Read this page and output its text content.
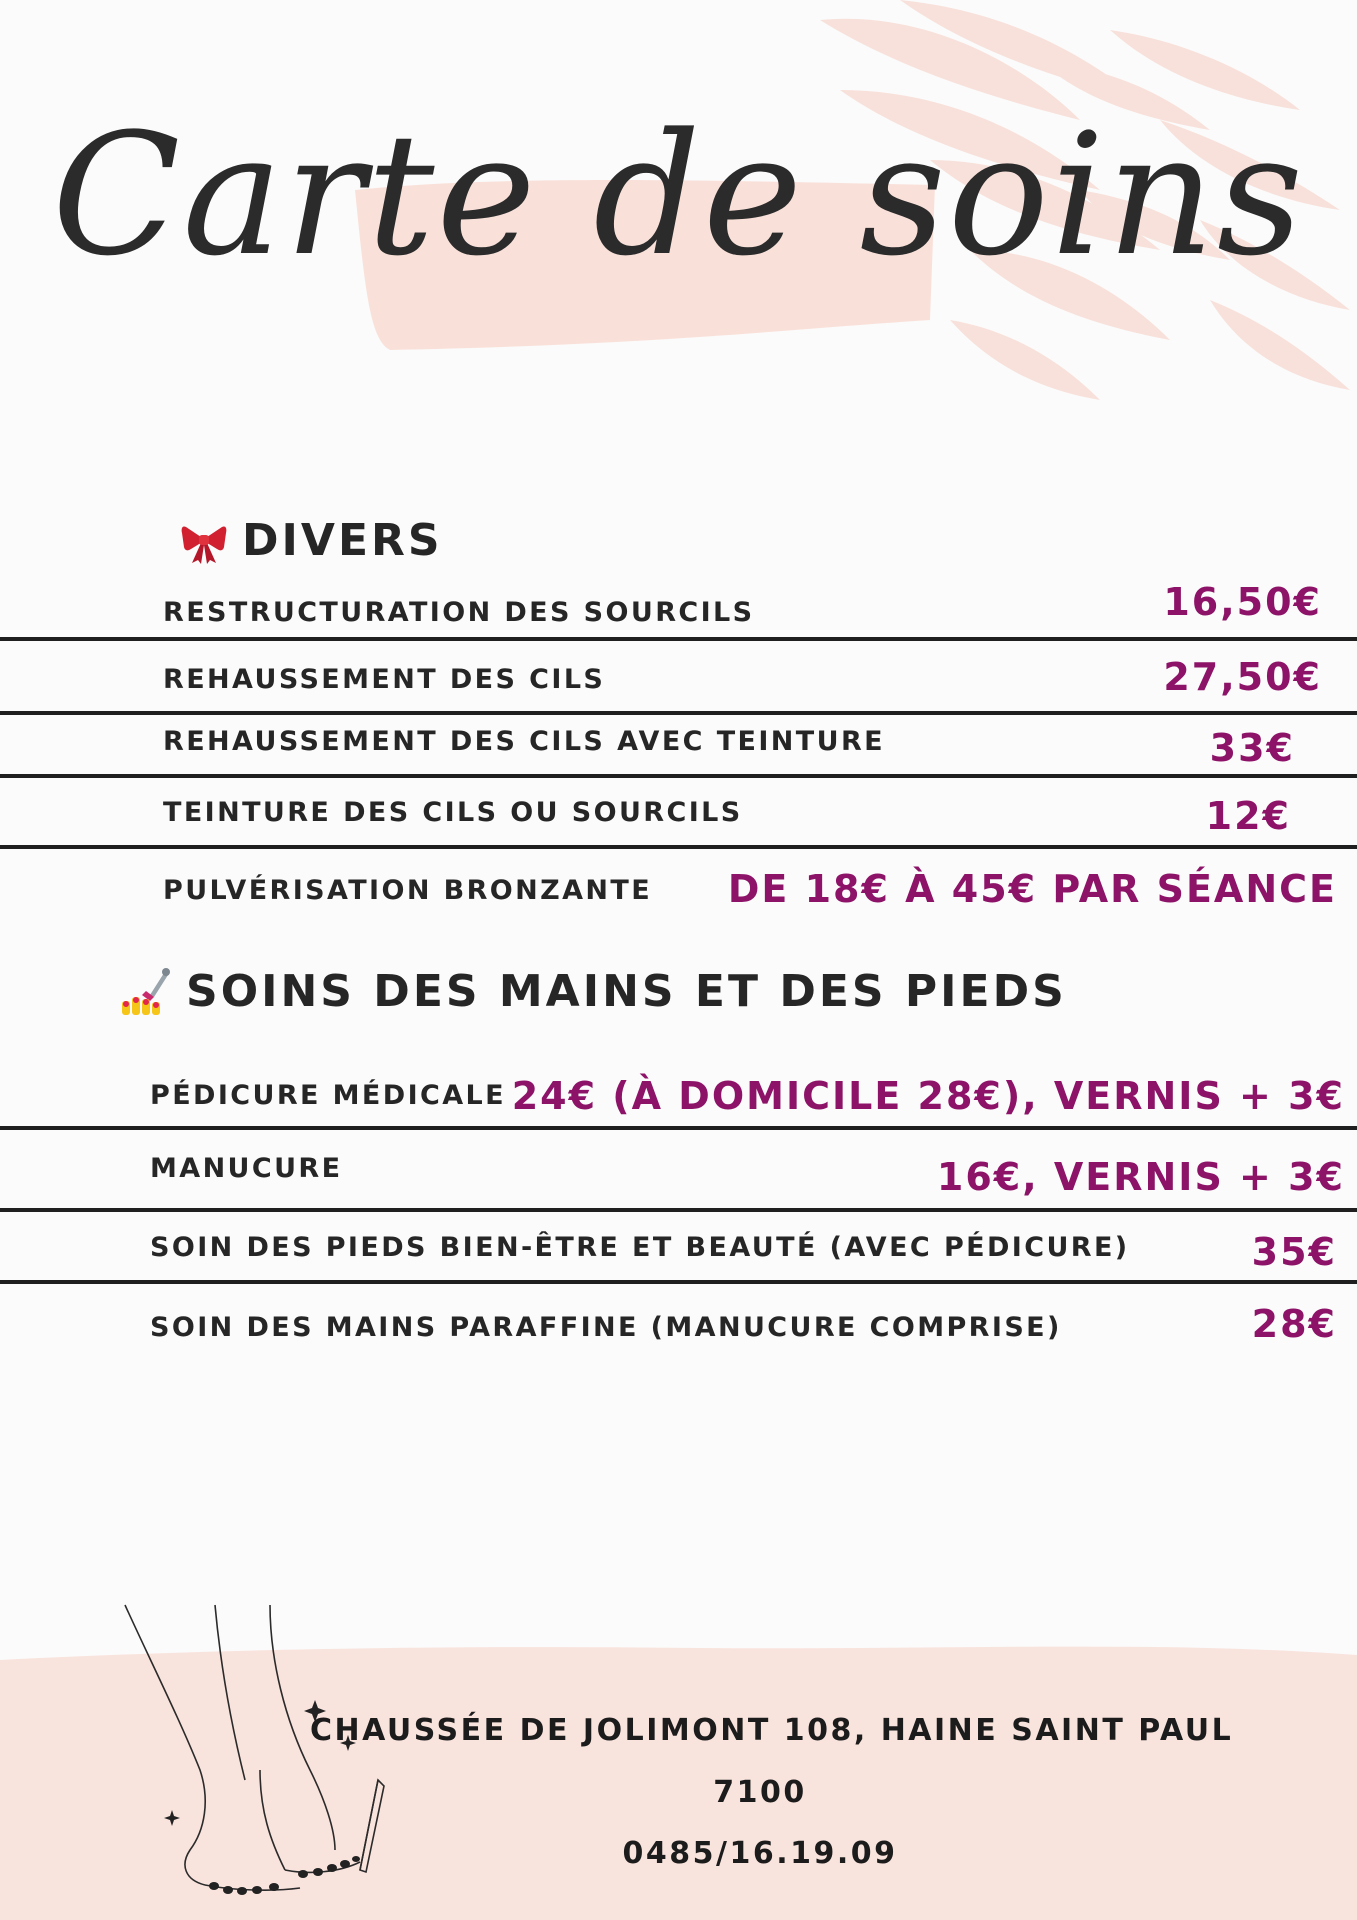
Carte de soins
DIVERS
RESTRUCTURATION DES SOURCILS	16,50€
REHAUSSEMENT DES CILS	27,50€
REHAUSSEMENT DES CILS AVEC TEINTURE	33€
TEINTURE DES CILS OU SOURCILS	12€
PULVÉRISATION BRONZANTE DE 18€ À 45€ PAR SÉANCE
SOINS DES MAINS ET DES PIEDS
PÉDICURE MÉDICALE 24€ (À DOMICILE 28€), VERNIS + 3€
MANUCURE	16€, VERNIS + 3€
SOIN DES PIEDS BIEN-ÊTRE ET BEAUTÉ (AVEC PÉDICURE)	35€
SOIN DES MAINS PARAFFINE (MANUCURE COMPRISE)	28€
CHAUSSÉE DE JOLIMONT 108, HAINE SAINT PAUL
7100
0485/16.19.09
